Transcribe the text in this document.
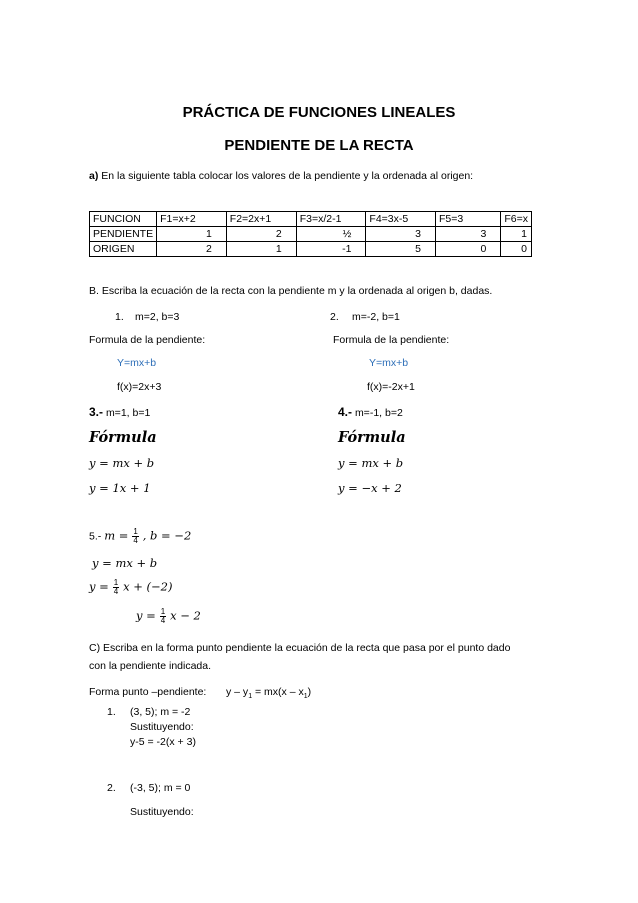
PRÁCTICA DE FUNCIONES LINEALES
PENDIENTE DE LA RECTA
a) En la siguiente tabla colocar los valores de la pendiente y la ordenada al origen:
FUNCION	F1=x+2	F2=2x+1	F3=x/2-1	F4=3x-5	F5=3	F6=x
PENDIENTE	1	2	½	3	3	1
ORIGEN	2	1	-1	5	0	0
B. Escriba la ecuación de la recta con la pendiente m y la ordenada al origen b, dadas.
1. m=2, b=3	2. m=-2, b=1
Formula de la pendiente:	Formula de la pendiente:
Y=mx+b	Y=mx+b
f(x)=2x+3	f(x)=-2x+1
3.- m=1, b=1	4.- m=-1, b=2
Fórmula	Fórmula
y = mx + b	y = mx + b
y = 1x + 1	y = −x + 2
5.- $m = \frac{1}{4}$ , b = −2
y = mx + b
$y = \frac{1}{4}$ x + (−2)
$y = \frac{1}{4}$ x − 2
C) Escriba en la forma punto pendiente la ecuación de la recta que pasa por el punto dado
con la pendiente indicada.
Forma punto –pendiente: $y - y_1 = mx(x - x_1)$
1. (3, 5); m = -2
Sustituyendo:
y-5 = -2(x + 3)
2. (-3, 5); m = 0
Sustituyendo:
